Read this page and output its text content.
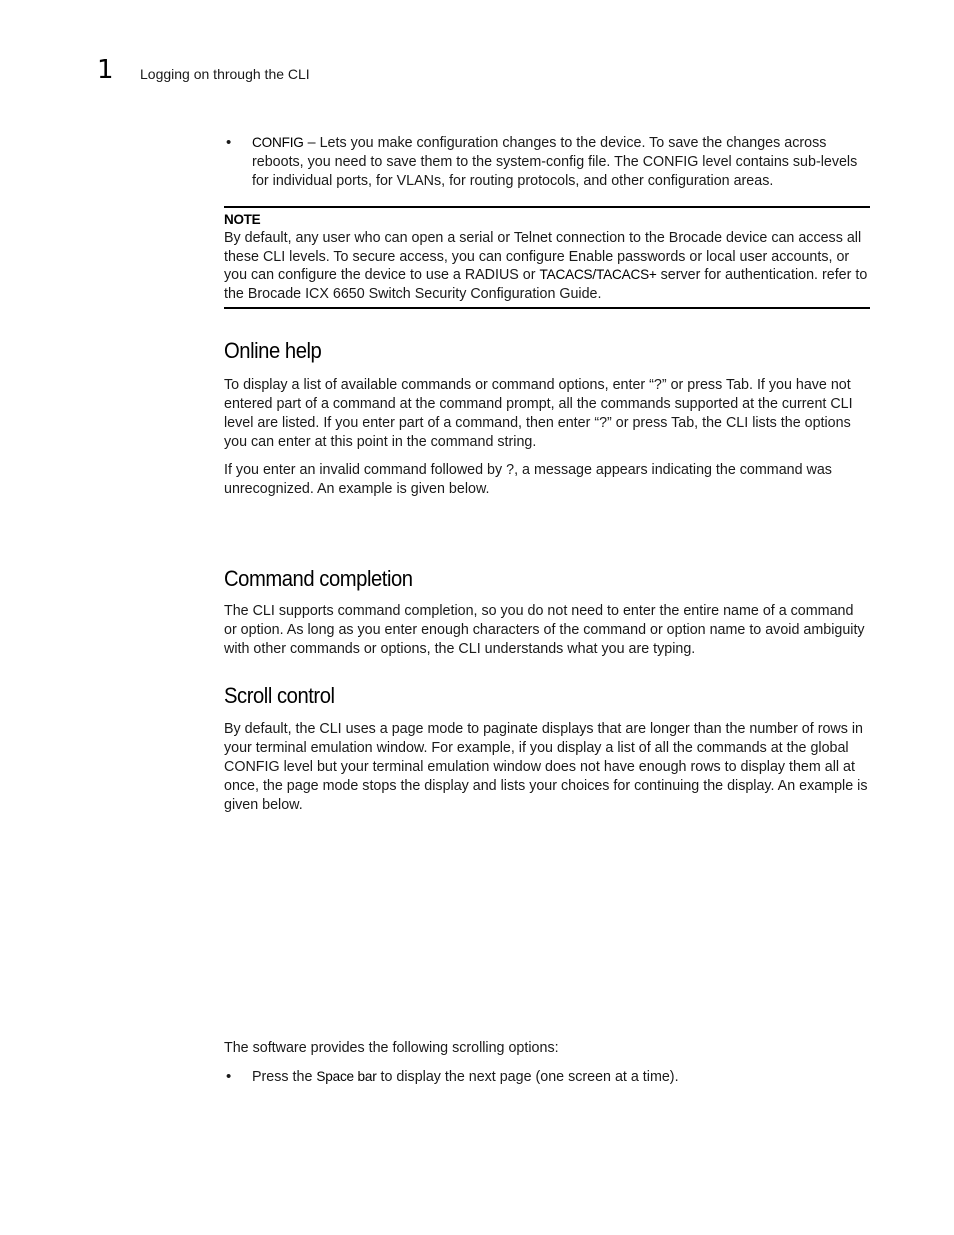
1 Logging on through the CLI
• CONFIG – Lets you make configuration changes to the device. To save the changes across reboots, you need to save them to the system-config file. The CONFIG level contains sub-levels for individual ports, for VLANs, for routing protocols, and other configuration areas.
NOTE
By default, any user who can open a serial or Telnet connection to the Brocade device can access all these CLI levels. To secure access, you can configure Enable passwords or local user accounts, or you can configure the device to use a RADIUS or TACACS/TACACS+ server for authentication. refer to the Brocade ICX 6650 Switch Security Configuration Guide.
Online help

To display a list of available commands or command options, enter “?” or press Tab. If you have not entered part of a command at the command prompt, all the commands supported at the current CLI level are listed. If you enter part of a command, then enter “?” or press Tab, the CLI lists the options you can enter at this point in the command string.

If you enter an invalid command followed by ?, a message appears indicating the command was unrecognized. An example is given below.

Command completion

The CLI supports command completion, so you do not need to enter the entire name of a command or option. As long as you enter enough characters of the command or option name to avoid ambiguity with other commands or options, the CLI understands what you are typing.

Scroll control

By default, the CLI uses a page mode to paginate displays that are longer than the number of rows in your terminal emulation window. For example, if you display a list of all the commands at the global CONFIG level but your terminal emulation window does not have enough rows to display them all at once, the page mode stops the display and lists your choices for continuing the display. An example is given below.

The software provides the following scrolling options:

• Press the Space bar to display the next page (one screen at a time).
